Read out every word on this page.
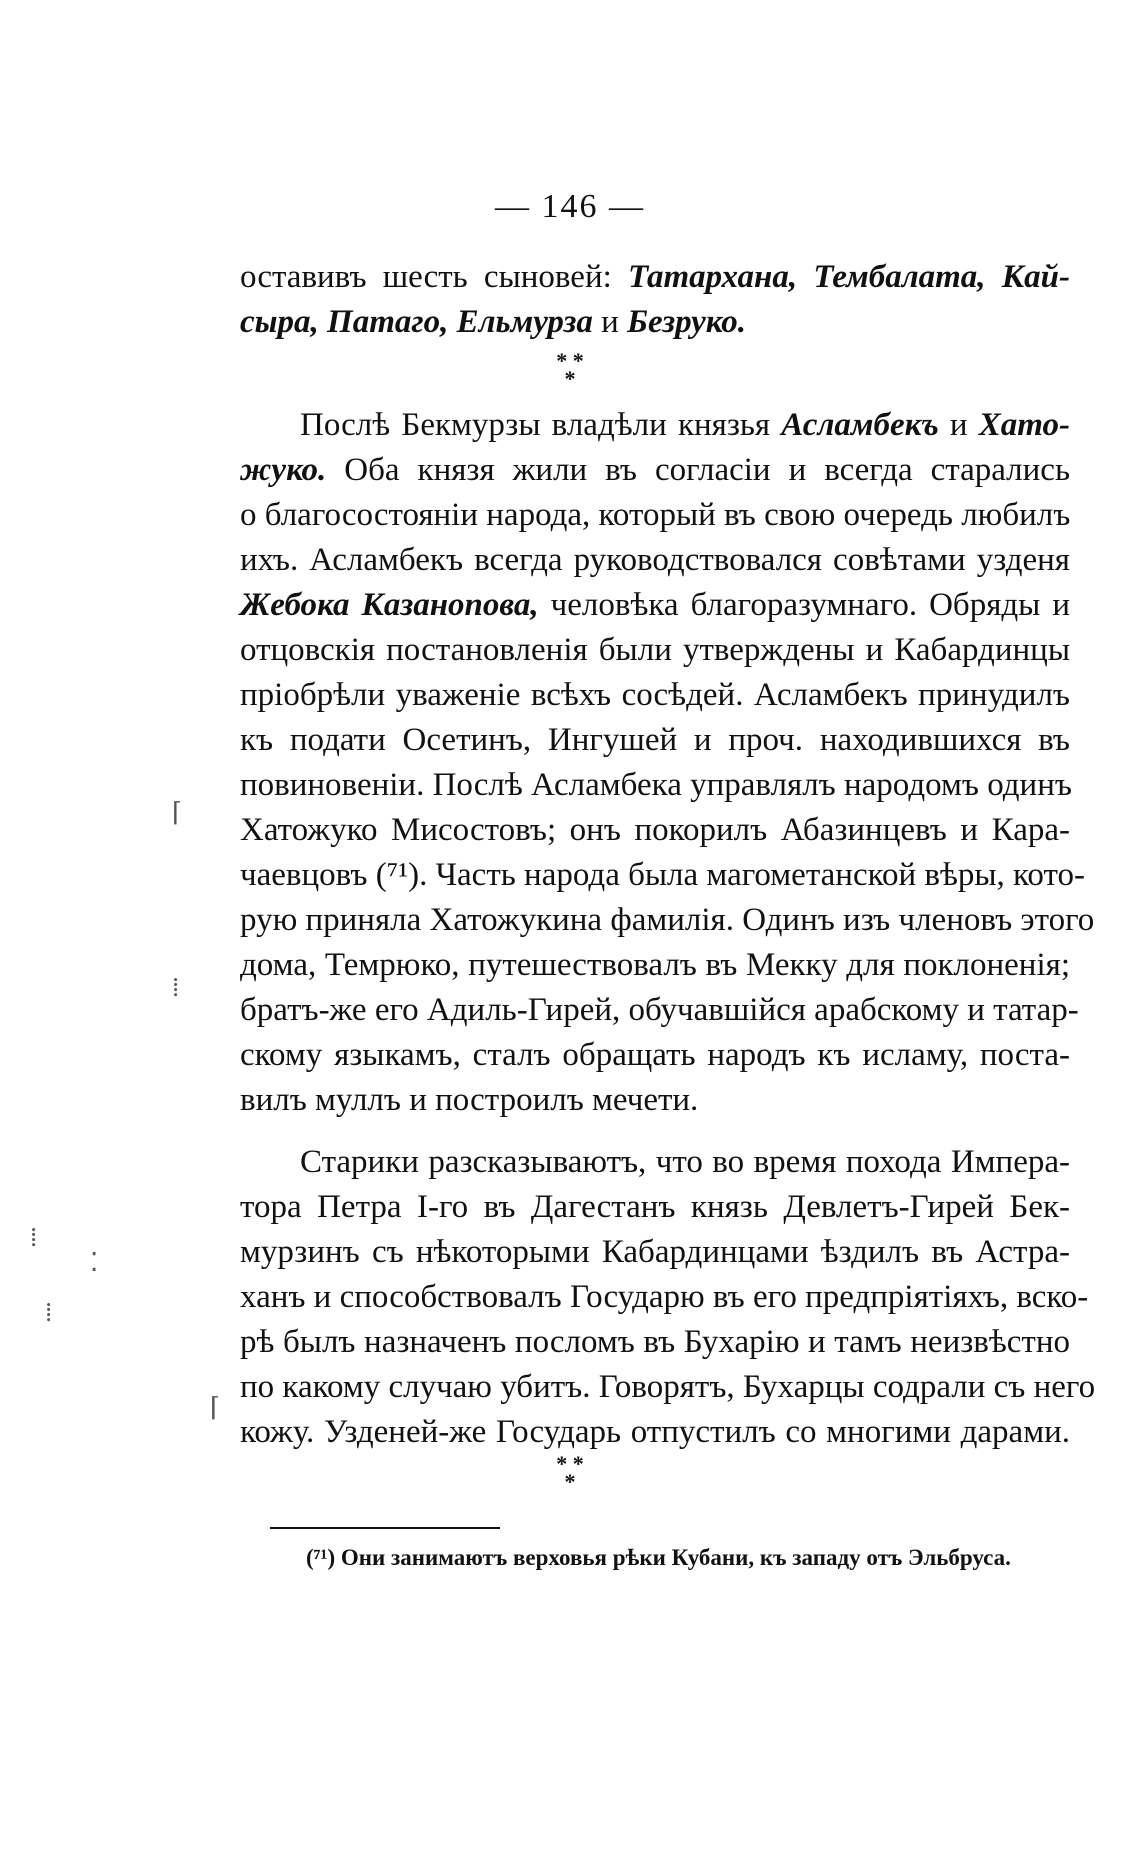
— 146 —
оставивъ шесть сыновей: Татархана, Тембалата, Кай-
сыра, Патаго, Ельмурза и Безруко.
* *
*
Послѣ Бекмурзы владѣли князья Асламбекъ и Хато-
жуко. Оба князя жили въ согласіи и всегда старались
о благосостояніи народа, который въ свою очередь любилъ
ихъ. Асламбекъ всегда руководствовался совѣтами узденя
Жебока Казанопова, человѣка благоразумнаго. Обряды и
отцовскія постановленія были утверждены и Кабардинцы
пріобрѣли уваженіе всѣхъ сосѣдей. Асламбекъ принудилъ
къ подати Осетинъ, Ингушей и проч. находившихся въ
повиновеніи. Послѣ Асламбека управлялъ народомъ одинъ
Хатожуко Мисостовъ; онъ покорилъ Абазинцевъ и Кара-
чаевцовъ (⁷¹). Часть народа была магометанской вѣры, кото-
рую приняла Хатожукина фамилія. Одинъ изъ членовъ этого
дома, Темрюко, путешествовалъ въ Мекку для поклоненія;
братъ-же его Адиль-Гирей, обучавшійся арабскому и татар-
скому языкамъ, сталъ обращать народъ къ исламу, поста-
вилъ муллъ и построилъ мечети.
Старики разсказываютъ, что во время похода Импера-
тора Петра І-го въ Дагестанъ князь Девлетъ-Гирей Бек-
мурзинъ съ нѣкоторыми Кабардинцами ѣздилъ въ Астра-
ханъ и способствовалъ Государю въ его предпріятіяхъ, вско-
рѣ былъ назначенъ посломъ въ Бухарію и тамъ неизвѣстно
по какому случаю убитъ. Говорятъ, Бухарцы содрали съ него
кожу. Узденей-же Государь отпустилъ со многими дарами.
* *
*
(⁷¹) Они занимаютъ верховья рѣки Кубани, къ западу отъ Эльбруса.
⌈
⁞
⁞
⁚
⁞
⌈
